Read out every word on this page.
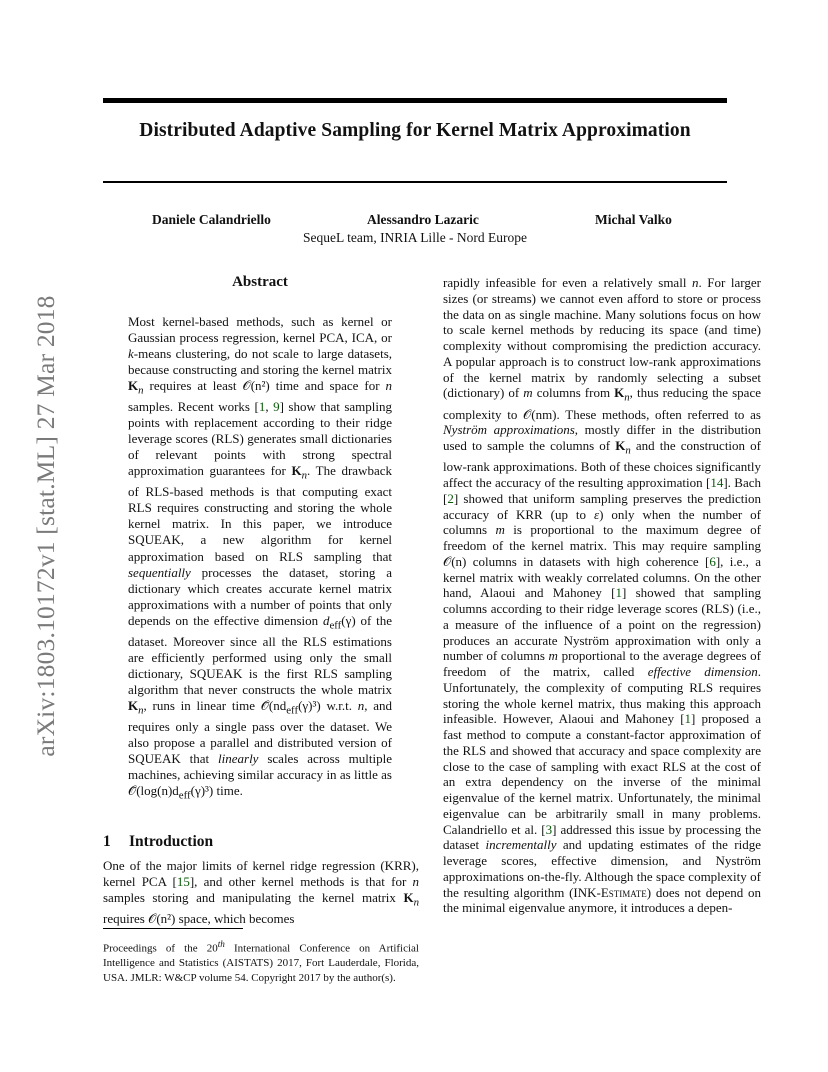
Distributed Adaptive Sampling for Kernel Matrix Approximation
Daniele Calandriello	Alessandro Lazaric	Michal Valko
SequeL team, INRIA Lille - Nord Europe
arXiv:1803.10172v1 [stat.ML] 27 Mar 2018
Abstract

Most kernel-based methods, such as kernel or Gaussian process regression, kernel PCA, ICA, or k-means clustering, do not scale to large datasets, because constructing and storing the kernel matrix $K_n$ requires at least 𝒪(n²) time and space for n samples. Recent works [1, 9] show that sampling points with replacement according to their ridge leverage scores (RLS) generates small dictionaries of relevant points with strong spectral approximation guarantees for $K_n$. The drawback of RLS-based methods is that computing exact RLS requires constructing and storing the whole kernel matrix. In this paper, we introduce SQUEAK, a new algorithm for kernel approximation based on RLS sampling that sequentially processes the dataset, storing a dictionary which creates accurate kernel matrix approximations with a number of points that only depends on the effective dimension $d_{eff}(\gamma)$ of the dataset. Moreover since all the RLS estimations are efficiently performed using only the small dictionary, SQUEAK is the first RLS sampling algorithm that never constructs the whole matrix $K_n$, runs in linear time $𝒪̃(nd_{eff}(\gamma)^3)$ w.r.t. n, and requires only a single pass over the dataset. We also propose a parallel and distributed version of SQUEAK that linearly scales across multiple machines, achieving similar accuracy in as little as $𝒪̃(\log(n)d_{eff}(\gamma)^3)$ time.

1 Introduction

One of the major limits of kernel ridge regression (KRR), kernel PCA [15], and other kernel methods is that for n samples storing and manipulating the kernel matrix $K_n$ requires 𝒪(n²) space, which becomes

Proceedings of the 20th International Conference on Artificial Intelligence and Statistics (AISTATS) 2017, Fort Lauderdale, Florida, USA. JMLR: W&CP volume 54. Copyright 2017 by the author(s).

rapidly infeasible for even a relatively small n. For larger sizes (or streams) we cannot even afford to store or process the data on as single machine. Many solutions focus on how to scale kernel methods by reducing its space (and time) complexity without compromising the prediction accuracy. A popular approach is to construct low-rank approximations of the kernel matrix by randomly selecting a subset (dictionary) of m columns from $K_n$, thus reducing the space complexity to 𝒪(nm). These methods, often referred to as Nyström approximations, mostly differ in the distribution used to sample the columns of $K_n$ and the construction of low-rank approximations. Both of these choices significantly affect the accuracy of the resulting approximation [14]. Bach [2] showed that uniform sampling preserves the prediction accuracy of KRR (up to ε) only when the number of columns m is proportional to the maximum degree of freedom of the kernel matrix. This may require sampling 𝒪(n) columns in datasets with high coherence [6], i.e., a kernel matrix with weakly correlated columns. On the other hand, Alaoui and Mahoney [1] showed that sampling columns according to their ridge leverage scores (RLS) (i.e., a measure of the influence of a point on the regression) produces an accurate Nyström approximation with only a number of columns m proportional to the average degrees of freedom of the matrix, called effective dimension. Unfortunately, the complexity of computing RLS requires storing the whole kernel matrix, thus making this approach infeasible. However, Alaoui and Mahoney [1] proposed a fast method to compute a constant-factor approximation of the RLS and showed that accuracy and space complexity are close to the case of sampling with exact RLS at the cost of an extra dependency on the inverse of the minimal eigenvalue of the kernel matrix. Unfortunately, the minimal eigenvalue can be arbitrarily small in many problems. Calandriello et al. [3] addressed this issue by processing the dataset incrementally and updating estimates of the ridge leverage scores, effective dimension, and Nyström approximations on-the-fly. Although the space complexity of the resulting algorithm (INK-Estimate) does not depend on the minimal eigenvalue anymore, it introduces a depen-
